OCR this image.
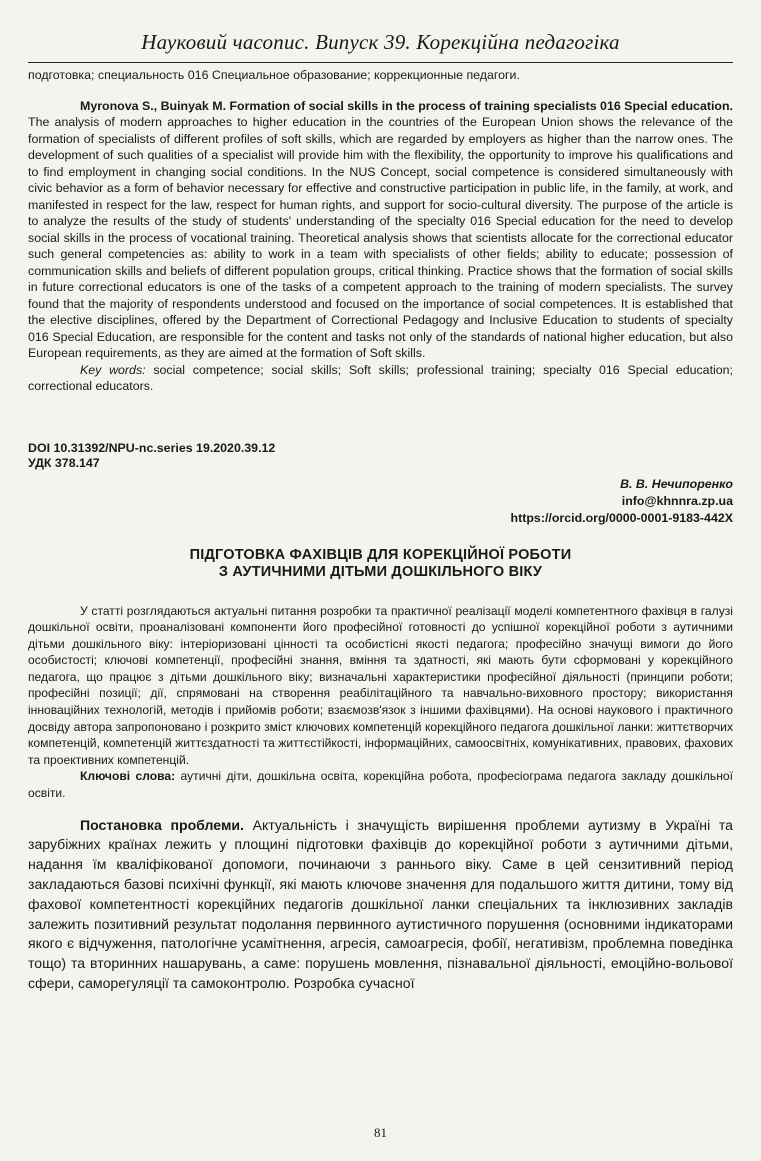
Науковий часопис. Випуск 39. Корекційна педагогіка

подготовка; специальность 016 Специальное образование; коррекционные педагоги.

Myronova S., Buinyak M. Formation of social skills in the process of training specialists 016 Special education. The analysis of modern approaches to higher education in the countries of the European Union shows the relevance of the formation of specialists of different profiles of soft skills, which are regarded by employers as higher than the narrow ones. The development of such qualities of a specialist will provide him with the flexibility, the opportunity to improve his qualifications and to find employment in changing social conditions. In the NUS Concept, social competence is considered simultaneously with civic behavior as a form of behavior necessary for effective and constructive participation in public life, in the family, at work, and manifested in respect for the law, respect for human rights, and support for socio-cultural diversity. The purpose of the article is to analyze the results of the study of students' understanding of the specialty 016 Special education for the need to develop social skills in the process of vocational training. Theoretical analysis shows that scientists allocate for the correctional educator such general competencies as: ability to work in a team with specialists of other fields; ability to educate; possession of communication skills and beliefs of different population groups, critical thinking. Practice shows that the formation of social skills in future correctional educators is one of the tasks of a competent approach to the training of modern specialists. The survey found that the majority of respondents understood and focused on the importance of social competences. It is established that the elective disciplines, offered by the Department of Correctional Pedagogy and Inclusive Education to students of specialty 016 Special Education, are responsible for the content and tasks not only of the standards of national higher education, but also European requirements, as they are aimed at the formation of Soft skills.

Key words: social competence; social skills; Soft skills; professional training; specialty 016 Special education; correctional educators.

DOI 10.31392/NPU-nc.series 19.2020.39.12
УДК 378.147
В. В. Нечипоренко
info@khnnra.zp.ua
https://orcid.org/0000-0001-9183-442X
ПІДГОТОВКА ФАХІВЦІВ ДЛЯ КОРЕКЦІЙНОЇ РОБОТИ
З АУТИЧНИМИ ДІТЬМИ ДОШКІЛЬНОГО ВІКУ

У статті розглядаються актуальні питання розробки та практичної реалізації моделі компетентного фахівця в галузі дошкільної освіти, проаналізовані компоненти його професійної готовності до успішної корекційної роботи з аутичними дітьми дошкільного віку: інтеріоризовані цінності та особистісні якості педагога; професійно значущі вимоги до його особистості; ключові компетенції, професійні знання, вміння та здатності, які мають бути сформовані у корекційного педагога, що працює з дітьми дошкільного віку; визначальні характеристики професійної діяльності (принципи роботи; професійні позиції; дії, спрямовані на створення реабілітаційного та навчально-виховного простору; використання інноваційних технологій, методів і прийомів роботи; взаємозв'язок з іншими фахівцями). На основі наукового і практичного досвіду автора запропоновано і розкрито зміст ключових компетенцій корекційного педагога дошкільної ланки: життєтворчих компетенцій, компетенцій життєздатності та життєстійкості, інформаційних, самоосвітніх, комунікативних, правових, фахових та проективних компетенцій.

Ключові слова: аутичні діти, дошкільна освіта, корекційна робота, професіограма педагога закладу дошкільної освіти.

Постановка проблеми. Актуальність і значущість вирішення проблеми аутизму в Україні та зарубіжних країнах лежить у площині підготовки фахівців до корекційної роботи з аутичними дітьми, надання їм кваліфікованої допомоги, починаючи з раннього віку. Саме в цей сензитивний період закладаються базові психічні функції, які мають ключове значення для подальшого життя дитини, тому від фахової компетентності корекційних педагогів дошкільної ланки спеціальних та інклюзивних закладів залежить позитивний результат подолання первинного аутистичного порушення (основними індикаторами якого є відчуження, патологічне усамітнення, агресія, самоагресія, фобії, негативізм, проблемна поведінка тощо) та вторинних нашарувань, а саме: порушень мовлення, пізнавальної діяльності, емоційно-вольової сфери, саморегуляції та самоконтролю. Розробка сучасної

81
